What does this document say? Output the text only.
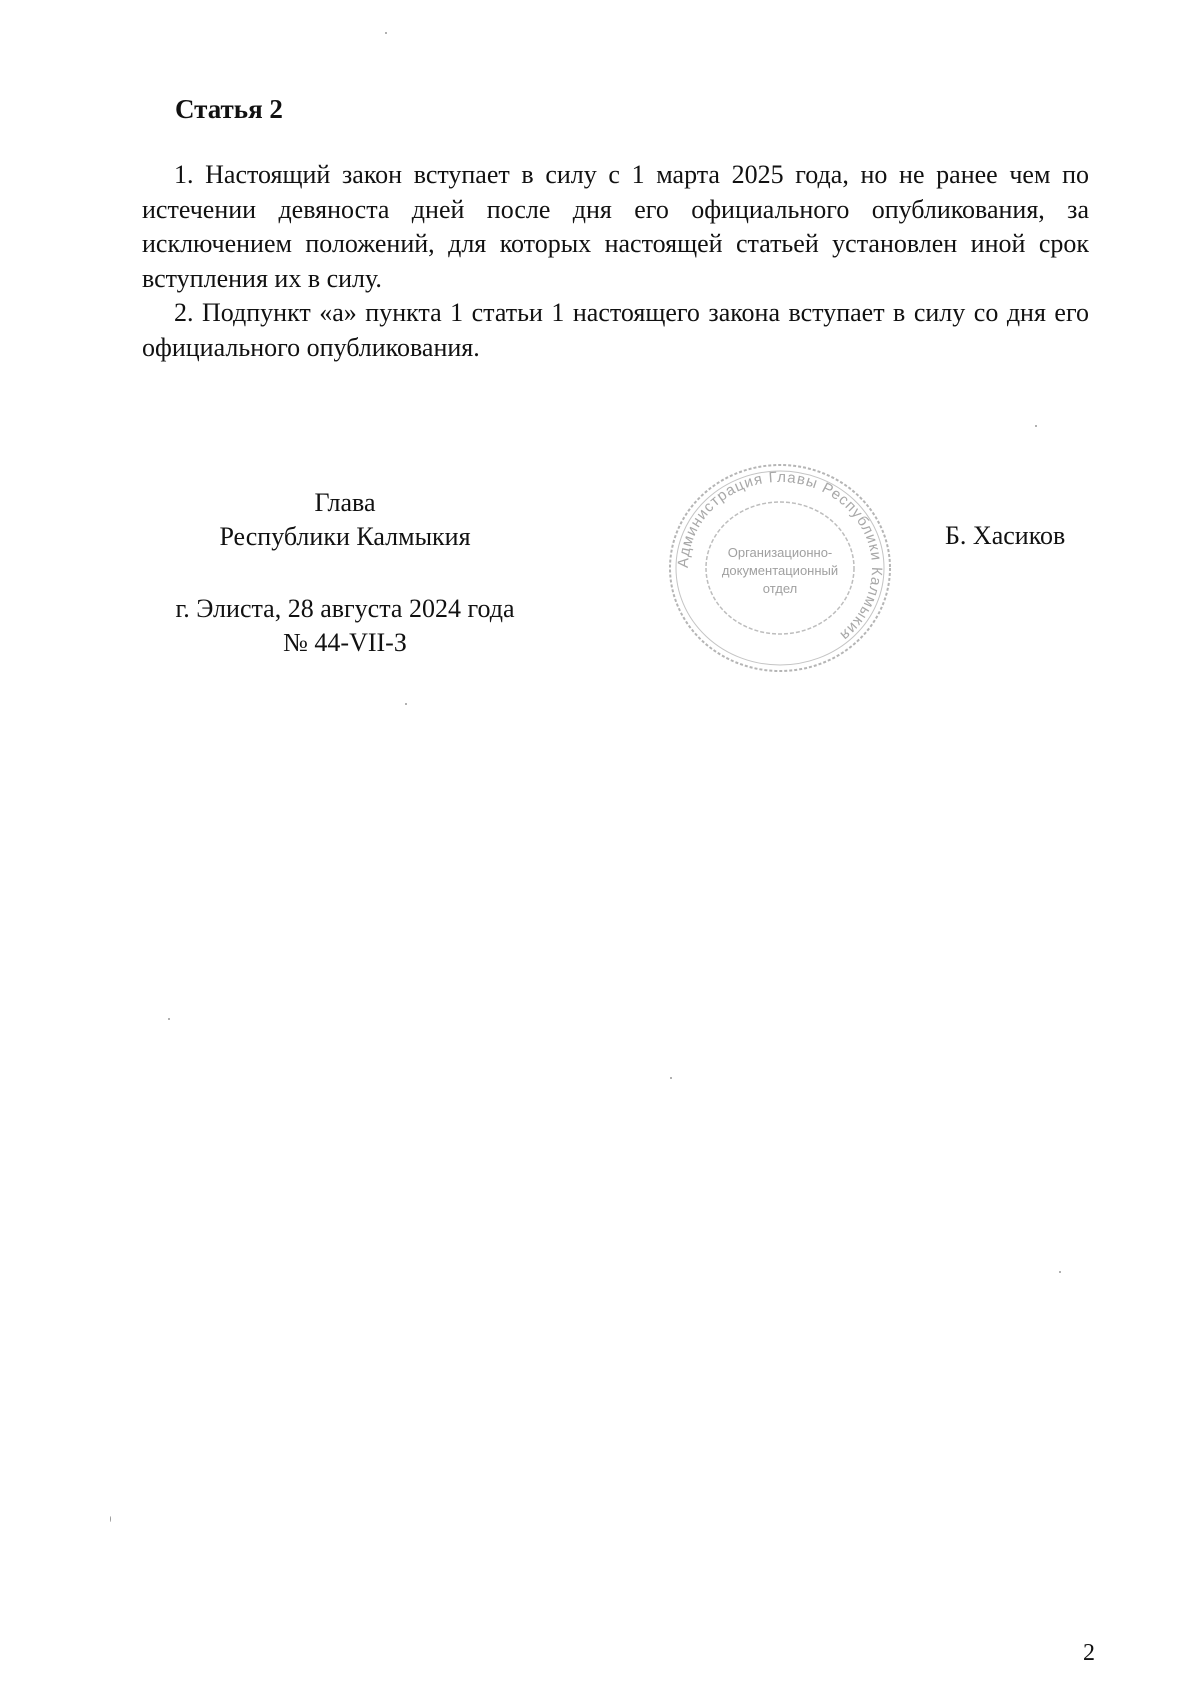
Статья 2

1. Настоящий закон вступает в силу с 1 марта 2025 года, но не ранее чем по истечении девяноста дней после дня его официального опубликования, за исключением положений, для которых настоящей статьей установлен иной срок вступления их в силу.

2. Подпункт «а» пункта 1 статьи 1 настоящего закона вступает в силу со дня его официального опубликования.

Глава
Республики Калмыкия
г. Элиста, 28 августа 2024 года
№ 44-VII-З
Администрация Главы Республики Калмыкия
Организационно-
документационный
отдел
Б. Хасиков
2
